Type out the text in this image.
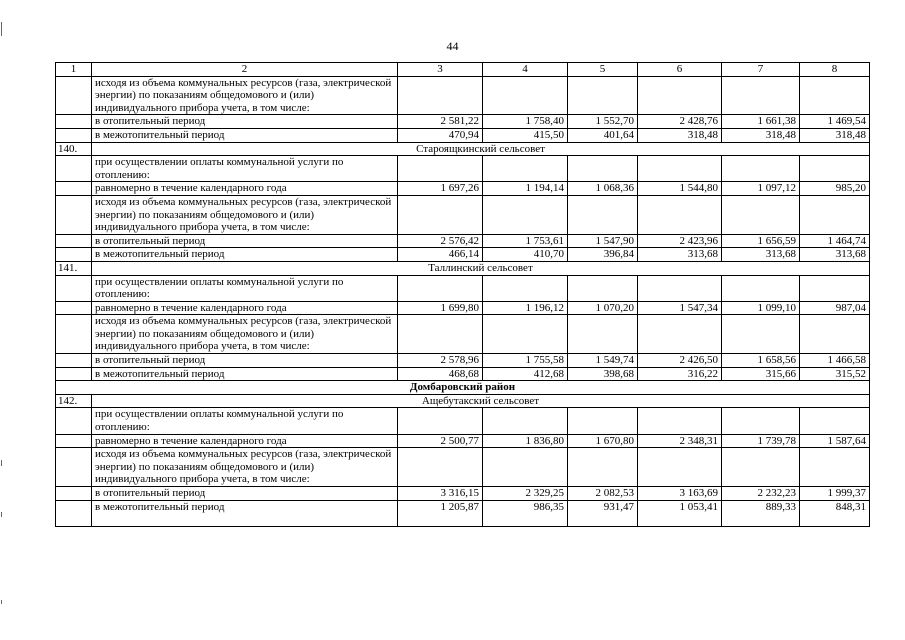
44
1	2	3	4	5	6	7	8
	исходя из объема коммунальных ресурсов (газа, электрической энергии) по показаниям общедомового и (или) индивидуального прибора учета, в том числе:						
	в отопительный период	2 581,22	1 758,40	1 552,70	2 428,76	1 661,38	1 469,54
	в межотопительный период	470,94	415,50	401,64	318,48	318,48	318,48
140.	Староящкинский сельсовет						
	при осуществлении оплаты коммунальной услуги по отоплению:						
	равномерно в течение календарного года	1 697,26	1 194,14	1 068,36	1 544,80	1 097,12	985,20
	исходя из объема коммунальных ресурсов (газа, электрической энергии) по показаниям общедомового и (или) индивидуального прибора учета, в том числе:						
	в отопительный период	2 576,42	1 753,61	1 547,90	2 423,96	1 656,59	1 464,74
	в межотопительный период	466,14	410,70	396,84	313,68	313,68	313,68
141.	Таллинский сельсовет						
	при осуществлении оплаты коммунальной услуги по отоплению:						
	равномерно в течение календарного года	1 699,80	1 196,12	1 070,20	1 547,34	1 099,10	987,04
	исходя из объема коммунальных ресурсов (газа, электрической энергии) по показаниям общедомового и (или) индивидуального прибора учета, в том числе:						
	в отопительный период	2 578,96	1 755,58	1 549,74	2 426,50	1 658,56	1 466,58
	в межотопительный период	468,68	412,68	398,68	316,22	315,66	315,52
Домбаровский район							
142.	Ащебутакский сельсовет						
	при осуществлении оплаты коммунальной услуги по отоплению:						
	равномерно в течение календарного года	2 500,77	1 836,80	1 670,80	2 348,31	1 739,78	1 587,64
	исходя из объема коммунальных ресурсов (газа, электрической энергии) по показаниям общедомового и (или) индивидуального прибора учета, в том числе:						
	в отопительный период	3 316,15	2 329,25	2 082,53	3 163,69	2 232,23	1 999,37
	в межотопительный период	1 205,87	986,35	931,47	1 053,41	889,33	848,31
